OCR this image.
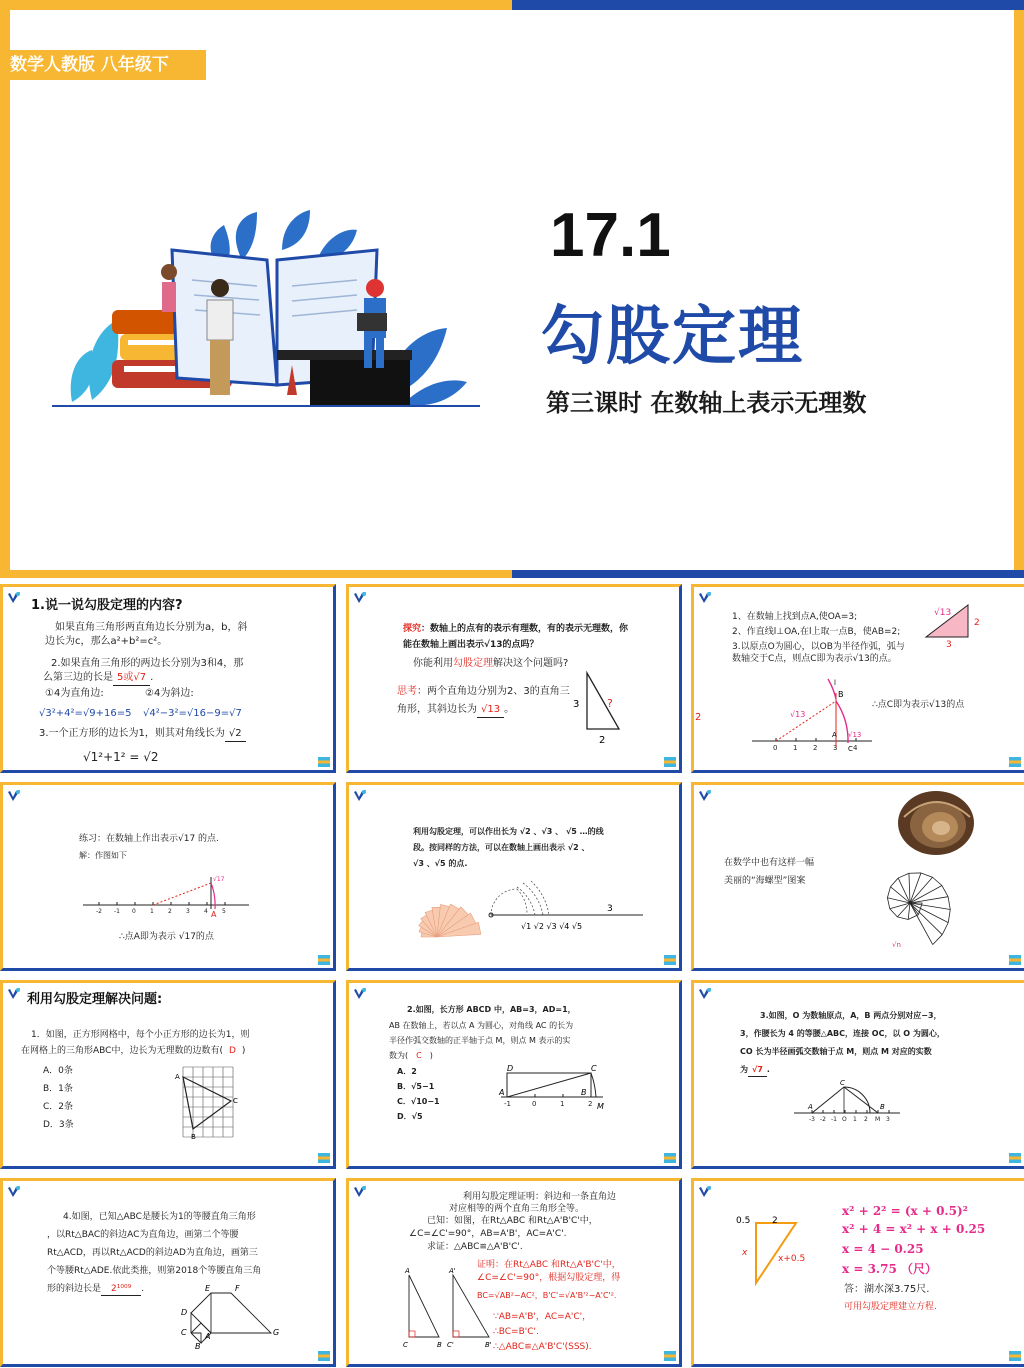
数学人教版 八年级下
17.1
勾股定理
第三课时 在数轴上表示无理数
1.说一说勾股定理的内容?
如果直角三角形两直角边长分别为a，b，斜
边长为c，那么a²+b²=c²。
2.如果直角三角形的两边长分别为3和4，那
么第三边的长是 5或√7 .
①4为直角边:	②4为斜边:
√3²+4²=√9+16=5 √4²−3²=√16−9=√7
3.一个正方形的边长为1，则其对角线长为 √2
√1²+1² = √2
探究：数轴上的点有的表示有理数，有的表示无理数，你
能在数轴上画出表示√13的点吗？
你能利用勾股定理解决这个问题吗?
思考：两个直角边分别为2、3的直角三
角形，其斜边长为 √13 。	3
2
?
1、在数轴上找到点A,使OA=3;
2、作直线l⊥OA,在l上取一点B，使AB=2;
3.以原点O为圆心，以OB为半径作弧，弧与
数轴交于C点，则点C即为表示√13的点。
√13
2
3
2
∴点C即为表示√13的点
0 1 2 3 4
B
A √13
C
√13
l
练习：在数轴上作出表示√17 的点.
解：作图如下
-2 -1 0 1 2 3 4 5
√17
A
∴点A即为表示 √17的点
利用勾股定理，可以作出长为 √2 、√3 、 √5 …的线
段。按同样的方法，可以在数轴上画出表示 √2 、
√3 、√5 的点.
√1 √2 √3 √4 √5
3
在数学中也有这样一幅
美丽的“海螺型”图案
√n
利用勾股定理解决问题:
1．如图，正方形网格中，每个小正方形的边长为1，则
在网格上的三角形ABC中，边长为无理数的边数有( D )
A．0条
B．1条
C．2条
D．3条
A
C
B
2.如图，长方形 ABCD 中，AB=3，AD=1，
AB 在数轴上，若以点 A 为圆心，对角线 AC 的长为
半径作弧交数轴的正半轴于点 M，则点 M 表示的实
数为( C )
A．2
B．√5−1
C．√10−1
D．√5
-1	0	1	2
D	C
A	B
M
3.如图，O 为数轴原点，A，B 两点分别对应−3，
3，作腰长为 4 的等腰△ABC，连接 OC，以 O 为圆心，
CO 长为半径画弧交数轴于点 M，则点 M 对应的实数
为 √7 .
-3 -2 -1 O 1 2 M 3
C
A	B
4.如图，已知△ABC是腰长为1的等腰直角三角形
，以Rt△BAC的斜边AC为直角边，画第二个等腰
Rt△ACD，再以Rt△ACD的斜边AD为直角边，画第三
个等腰Rt△ADE.依此类推，则第2018个等腰直角三角
形的斜边长是 2¹⁰⁰⁹ .	E	F
D
C A
B
G
利用勾股定理证明：斜边和一条直角边
对应相等的两个直角三角形全等。
已知：如图，在Rt△ABC 和Rt△A'B'C'中，
∠C=∠C'=90°，AB=A'B'，AC=A'C'.
求证：△ABC≌△A'B'C'.
证明：在Rt△ABC 和Rt△A'B'C'中，
∠C=∠C'=90°，根据勾股定理，得
BC=√AB²−AC²，B'C'=√A'B'²−A'C'².
∵AB=A'B'，AC=A'C'，
∴BC=B'C'.
∴△ABC≌△A'B'C'(SSS).
A
C	B
A'
C'	B'
0.5 2
x
x+0.5
x² + 2² = (x + 0.5)²
x² + 4 = x² + x + 0.25
x = 4 − 0.25
x = 3.75 （尺）
答：湖水深3.75尺.
可用勾股定理建立方程.
